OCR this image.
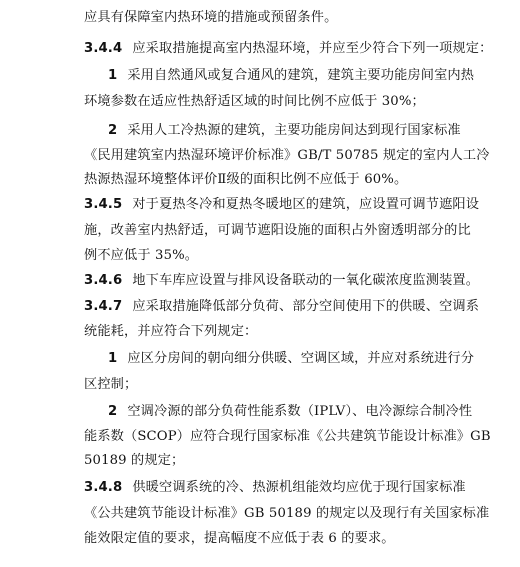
应具有保障室内热环境的措施或预留条件。
3.4.4 应采取措施提高室内热湿环境，并应至少符合下列一项规定：
1 采用自然通风或复合通风的建筑，建筑主要功能房间室内热
环境参数在适应性热舒适区域的时间比例不应低于 30%；
2 采用人工冷热源的建筑，主要功能房间达到现行国家标准
《民用建筑室内热湿环境评价标准》GB/T 50785 规定的室内人工冷
热源热湿环境整体评价Ⅱ级的面积比例不应低于 60%。
3.4.5 对于夏热冬冷和夏热冬暖地区的建筑，应设置可调节遮阳设
施，改善室内热舒适，可调节遮阳设施的面积占外窗透明部分的比
例不应低于 35%。
3.4.6 地下车库应设置与排风设备联动的一氧化碳浓度监测装置。
3.4.7 应采取措施降低部分负荷、部分空间使用下的供暖、空调系
统能耗，并应符合下列规定：
1 应区分房间的朝向细分供暖、空调区域，并应对系统进行分
区控制；
2 空调冷源的部分负荷性能系数（IPLV）、电冷源综合制冷性
能系数（SCOP）应符合现行国家标准《公共建筑节能设计标准》GB
50189 的规定；
3.4.8 供暖空调系统的冷、热源机组能效均应优于现行国家标准
《公共建筑节能设计标准》GB 50189 的规定以及现行有关国家标准
能效限定值的要求，提高幅度不应低于表 6 的要求。
